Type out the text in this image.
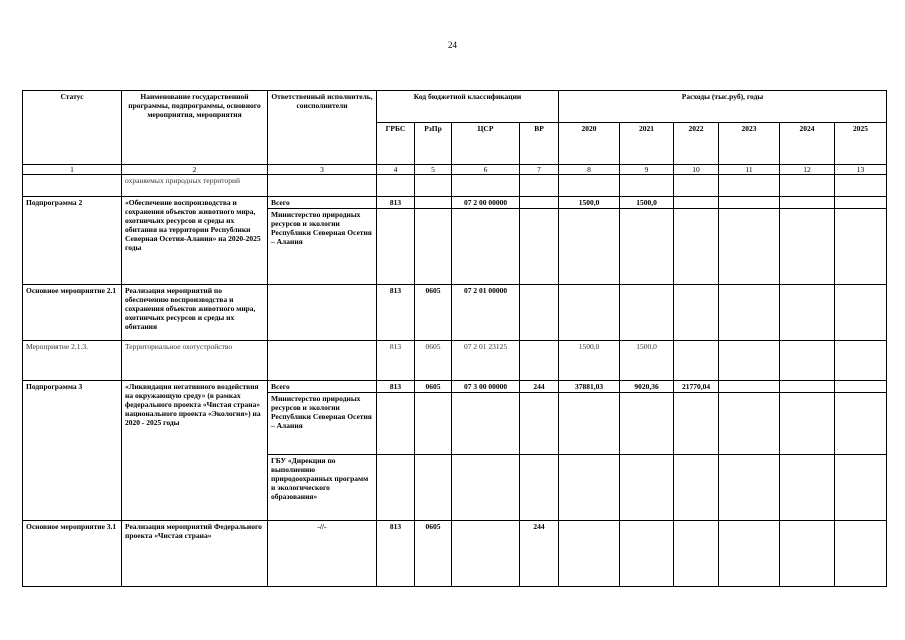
24
Статус	Наименование государственной программы, подпрограммы, основного мероприятия, мероприятия	Ответственный исполнитель, соисполнители	Код бюджетной классификации				Расходы (тыс.руб), годы					
			ГРБС	РзПр	ЦСР	ВР	2020	2021	2022	2023	2024	2025
1	2	3	4	5	6	7	8	9	10	11	12	13
	охраняемых природных территорий											
Подпрограмма 2	«Обеспечение воспроизводства и сохранения объектов животного мира, охотничьих ресурсов и среды их обитания на территории Республики Северная Осетия-Алания» на 2020-2025 годы	Всего	813		07 2 00 00000		1500,0	1500,0				
		Министерство природных ресурсов и экологии Республики Северная Осетия – Алания										
Основное мероприятие 2.1	Реализация мероприятий по обеспечению воспроизводства и сохранения объектов животного мира, охотничьих ресурсов и среды их обитания		813	0605	07 2 01 00000							
Мероприятие 2.1.3.	Территориальное охотустройство		813	0605	07 2 01 23125		1500,0	1500,0				
Подпрограмма 3	«Ликвидация негативного воздействия на окружающую среду» (в рамках федерального проекта «Чистая страна» национального проекта «Экология») на 2020 - 2025 годы	Всего	813	0605	07 3 00 00000	244	37881,03	9020,36	21770,04			
		Министерство природных ресурсов и экологии Республики Северная Осетия – Алания										
		ГБУ «Дирекция по выполнению природоохранных программ и экологического образования»										
Основное мероприятие 3.1	Реализация мероприятий Федерального проекта «Чистая страна»	-//-	813	0605		244						
